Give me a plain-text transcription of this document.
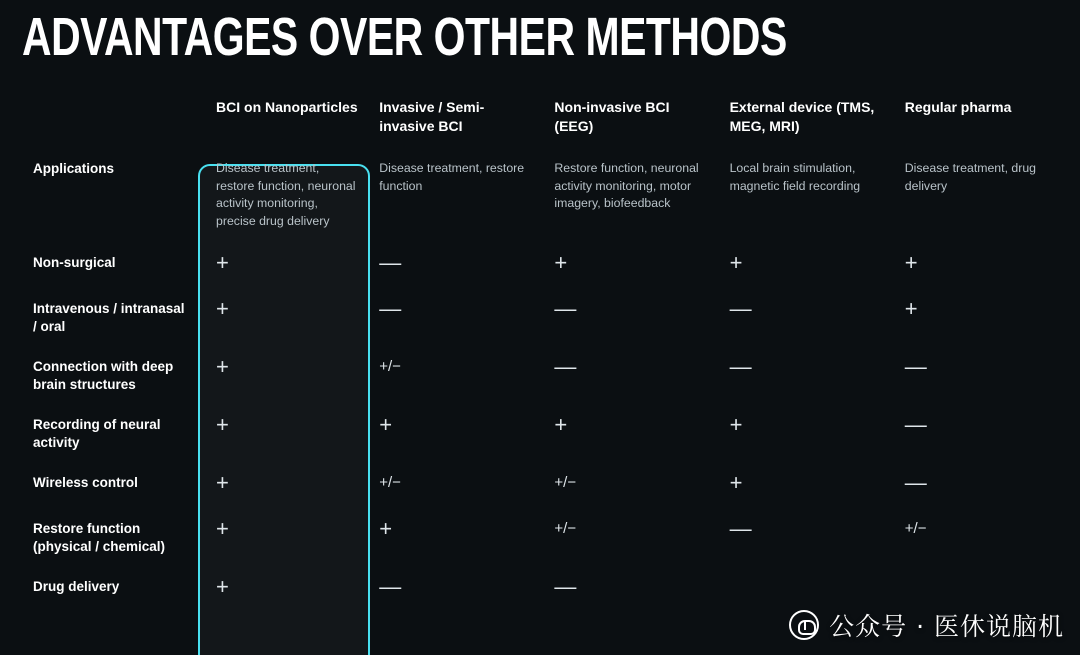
ADVANTAGES OVER OTHER METHODS

	BCI on Nanoparticles	Invasive / Semi-invasive BCI	Non-invasive BCI (EEG)	External device (TMS, MEG, MRI)	Regular pharma

Applications	Disease treatment, restore function, neuronal activity monitoring, precise drug delivery	Disease treatment, restore function	Restore function, neuronal activity monitoring, motor imagery, biofeedback	Local brain stimulation, magnetic field recording	Disease treatment, drug delivery

Non-surgical	+	—	+	+	+

Intravenous / intranasal / oral	+	—	—	—	+

Connection with deep brain structures	+	+/−	—	—	—

Recording of neural activity	+	+	+	+	—

Wireless control	+	+/−	+/−	+	—

Restore function (physical / chemical)	+	+	+/−	—	+/−

Drug delivery	+	—	—		

公众号 · 医休说脑机
